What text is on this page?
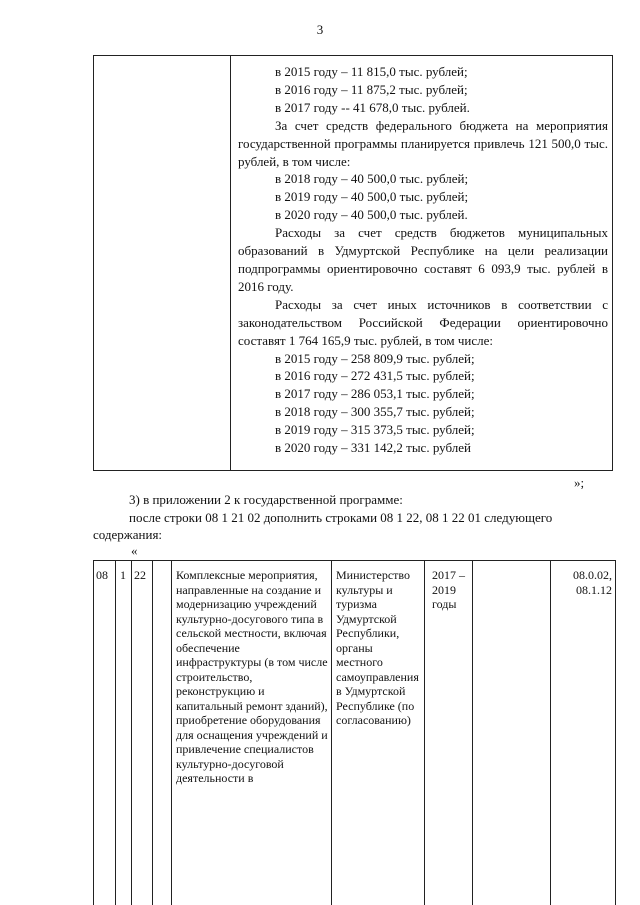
3

в 2015 году – 11 815,0 тыс. рублей;

в 2016 году – 11 875,2 тыс. рублей;

в 2017 году -- 41 678,0 тыс. рублей.

За счет средств федерального бюджета на мероприятия государственной программы планируется привлечь 121 500,0 тыс. рублей, в том числе:

в 2018 году – 40 500,0 тыс. рублей;

в 2019 году – 40 500,0 тыс. рублей;

в 2020 году – 40 500,0 тыс. рублей.

Расходы за счет средств бюджетов муниципальных образований в Удмуртской Республике на цели реализации подпрограммы ориентировочно составят 6 093,9 тыс. рублей в 2016 году.

Расходы за счет иных источников в соответствии с законодательством Российской Федерации ориентировочно составят 1 764 165,9 тыс. рублей, в том числе:

в 2015 году – 258 809,9 тыс. рублей;

в 2016 году – 272 431,5 тыс. рублей;

в 2017 году – 286 053,1 тыс. рублей;

в 2018 году – 300 355,7 тыс. рублей;

в 2019 году – 315 373,5 тыс. рублей;

в 2020 году – 331 142,2 тыс. рублей

»;
3) в приложении 2 к государственной программе:
после строки 08 1 21 02 дополнить строками 08 1 22, 08 1 22 01 следующего
содержания:
«
08 1 22	Комплексные мероприятия, направленные на создание и модернизацию учреждений культурно-досугового типа в сельской местности, включая обеспечение инфраструктуры (в том числе строительство, реконструкцию и капитальный ремонт зданий), приобретение оборудования для оснащения учреждений и привлечение специалистов культурно-досуговой деятельности в
Министерство культуры и туризма Удмуртской Республики, органы местного самоуправления в Удмуртской Республике (по согласованию)
2017 –
2019
годы
08.0.02,
08.1.12
